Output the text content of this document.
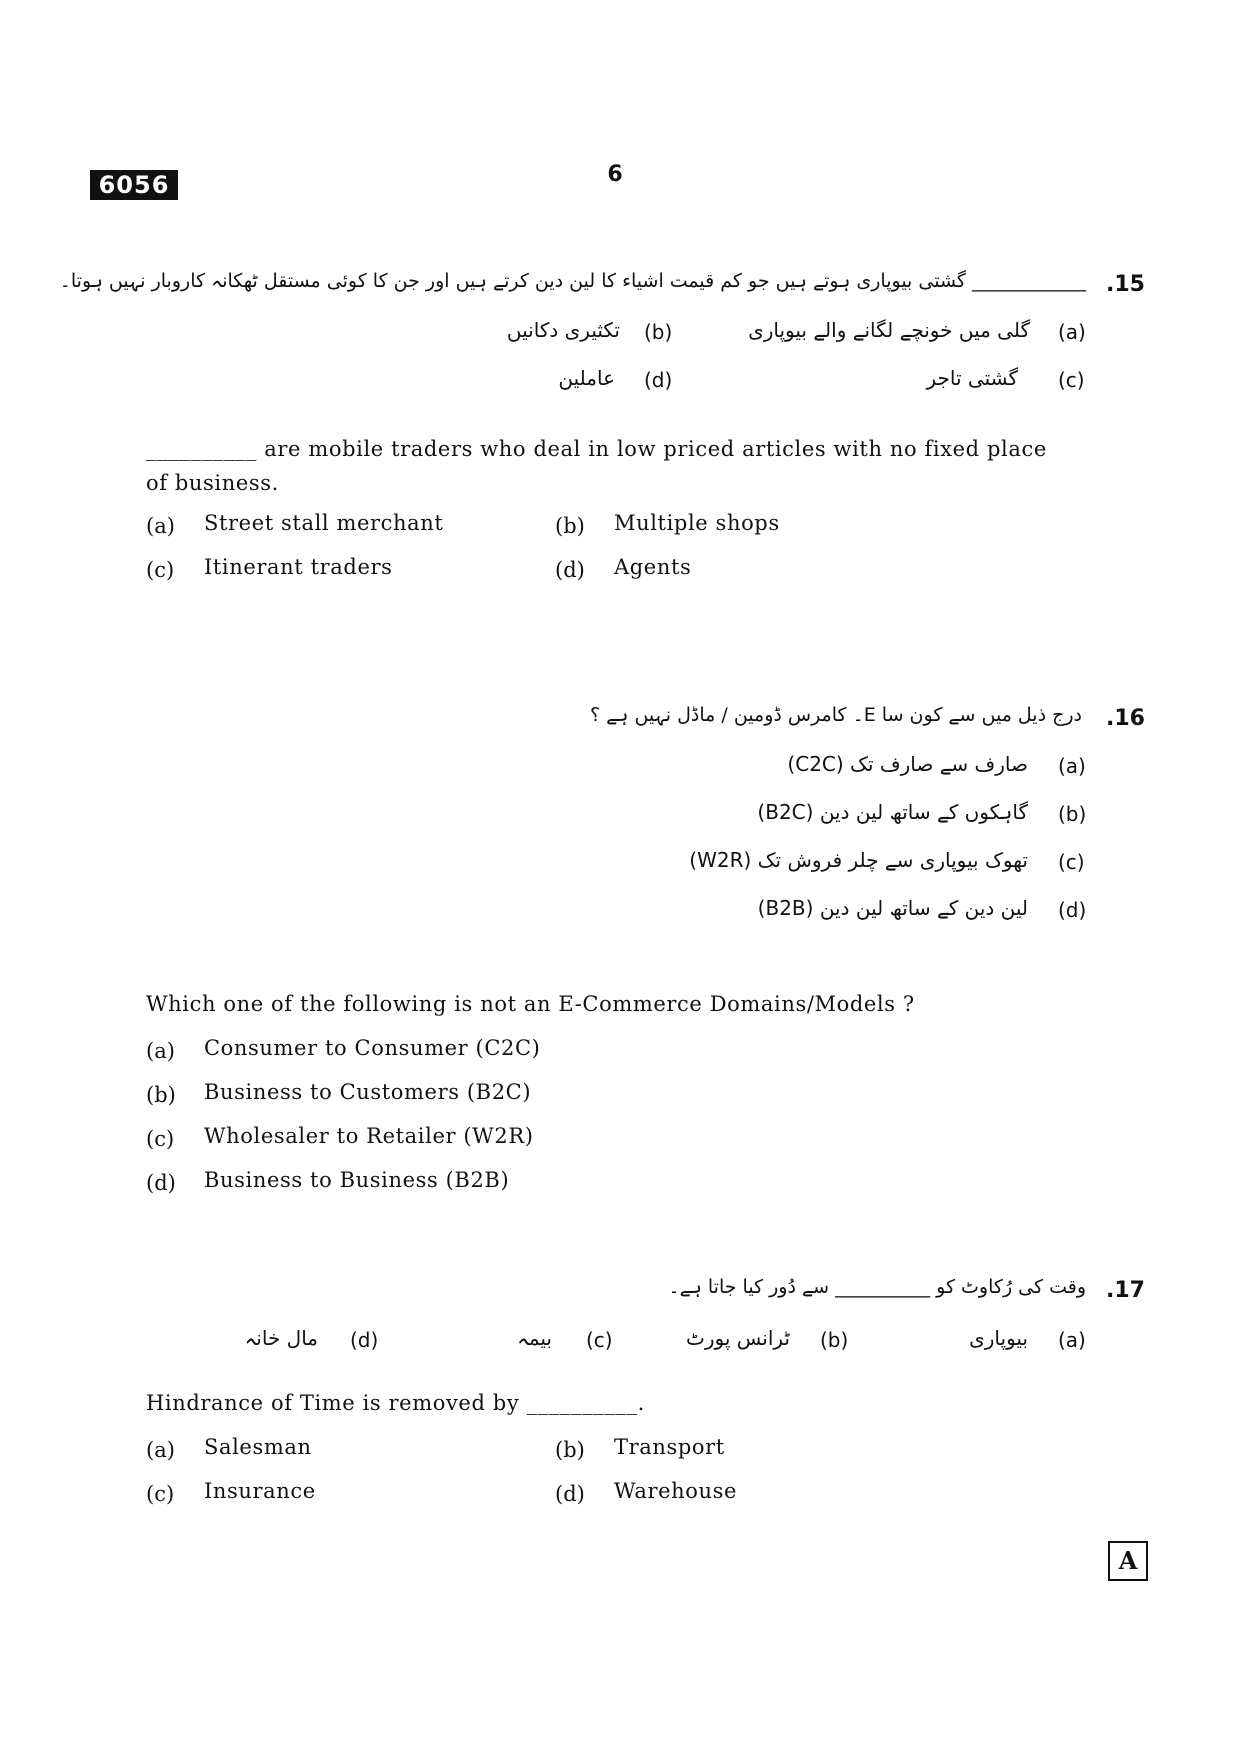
6056	6
.15
____________ گشتی بیوپاری ہوتے ہیں جو کم قیمت اشیاء کا لین دین کرتے ہیں اور جن کا کوئی مستقل ٹھکانہ کاروبار نہیں ہوتا۔
(a)
گلی میں خونچے لگانے والے بیوپاری
(b)
تکثیری دکانیں
(c)
گشتی تاجر
(d)
عاملین
__________ are mobile traders who deal in low priced articles with no fixed place
of business.
(a) Street stall merchant	(b) Multiple shops
(c) Itinerant traders	(d) Agents
.16
درج ذیل میں سے کون سا E۔ کامرس ڈومین / ماڈل نہیں ہے ؟
(a)
صارف سے صارف تک (C2C)
(b)
گاہکوں کے ساتھ لین دین (B2C)
(c)
تھوک بیوپاری سے چلر فروش تک (W2R)
(d)
لین دین کے ساتھ لین دین (B2B)
Which one of the following is not an E-Commerce Domains/Models ?
(a) Consumer to Consumer (C2C)
(b) Business to Customers (B2C)
(c) Wholesaler to Retailer (W2R)
(d) Business to Business (B2B)
.17
وقت کی رُکاوٹ کو __________ سے دُور کیا جاتا ہے۔
(a)
بیوپاری
(b)
ٹرانس پورٹ
(c)
بیمہ
(d)
مال خانہ
Hindrance of Time is removed by __________.
(a) Salesman	(b) Transport
(c) Insurance	(d) Warehouse
A
